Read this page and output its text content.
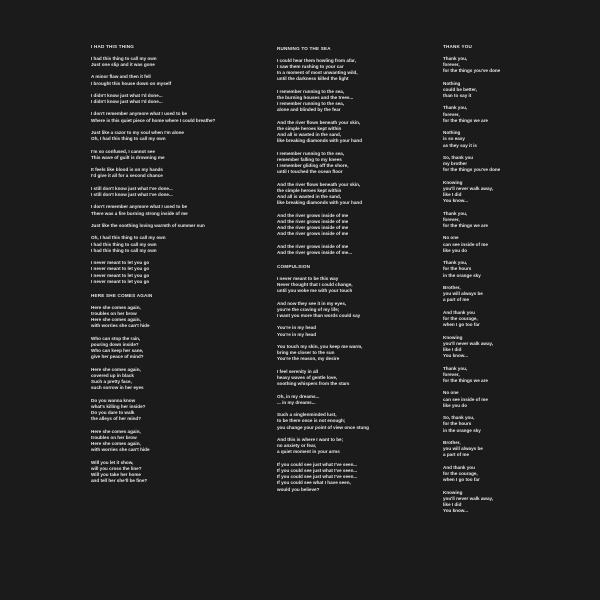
I HAD THIS THING
I had this thing to call my own
Just one slip and it was gone
A minor flaw and then it fell
I brought this house down on myself
I didn't know just what I'd done...
I didn't know just what I'd done...
I don't remember anymore what I used to be
Where is this quiet piece of home where I could breathe?
Just like a razor to my soul when I'm alone
Oh, I had this thing to call my own
I'm so confused, I cannot see
This wave of guilt is drowning me
It feels like blood is on my hands
I'd give it all for a second chance
I still don't know just what I've done...
I still don't know just what I've done...
I don't remember anymore what I used to be
There was a fire burning strong inside of me
Just like the soothing loving warmth of summer sun
Oh, I had this thing to call my own
I had this thing to call my own
I had this thing to call my own
I never meant to let you go
I never meant to let you go
I never meant to let you go
I never meant to let you go
HERE SHE COMES AGAIN
Here she comes again,
troubles on her brow
Here she comes again,
with worries she can't hide
Who can stop the rain,
pouring down inside?
Who can keep her sane,
give her peace of mind?
Here she comes again,
covered up in black
Such a pretty face,
such sorrow in her eyes
Do you wanna know
what's killing her inside?
Do you dare to walk
the alleys of her mind?
Here she comes again,
troubles on her brow
Here she comes again,
with worries she can't hide
Will you let it show,
will you cross the line?
Will you take her home
and tell her she'll be fine?
RUNNING TO THE SEA
I could hear them howling from afar,
I saw them rushing to your car
In a moment of most unwanting wild,
until the darkness killed the light
I remember running to the sea,
the burning houses and the trees...
I remember running to the sea,
alone and blinded by the fear
And the river flows beneath your skin,
the simple heroes kept within
And all is wasted in the sand,
like breaking diamonds with your hand
I remember running to the sea,
remember falling to my knees
I remember gliding off the shore,
until I touched the ocean floor
And the river flows beneath your skin,
the simple heroes kept within
And all is wasted in the sand,
like breaking diamonds with your hand
And the river grows inside of me
And the river grows inside of me
And the river grows inside of me
And the river grows inside of me
And the river grows inside of me
And the river grows inside of me...
COMPULSION
I never meant to be this way
Never thought that I could change,
until you woke me with your touch
And now they see it in my eyes,
you're the craving of my life;
I want you more than words could say
You're in my head
You're in my head
You touch my skin, you keep me warm,
bring me closer to the sun
You're the reason, my desire
I feel serenity in all
heavy waves of gentle love,
soothing whispers from the stars
Oh, in my dreams...
... in my dreams...
Such a singlenminded lust,
to be there once is not enough;
you change your point of view once stung
And this is where I want to be;
no anxiety or fear,
a quiet moment in your arms
If you could see just what I've seen...
If you could see just what I've seen...
If you could see just what I've seen...
If you could see what I have seen,
would you believe?
THANK YOU
Thank you,
forever,
for the things you've done
Nothing
could be better,
than to say it
Thank you,
forever,
for the things we are
Nothing
is so easy
as they say it is
So, thank you
my brother
for the things you've done
Knowing
you'll never walk away,
like I did
You know...
Thank you,
forever,
for the things we are
No one
can see inside of me
like you do
Thank you,
for the hours
in the orange sky
Brother,
you will always be
a part of me
And thank you
for the courage,
when I go too far
Knowing
you'll never walk away,
like I did
You know...
Thank you,
forever,
for the things we are
No one
can see inside of me
like you do
So, thank you,
for the hours
in the orange sky
Brother,
you will always be
a part of me
And thank you
for the courage,
when I go too far
Knowing
you'll never walk away,
like I did
You know...
